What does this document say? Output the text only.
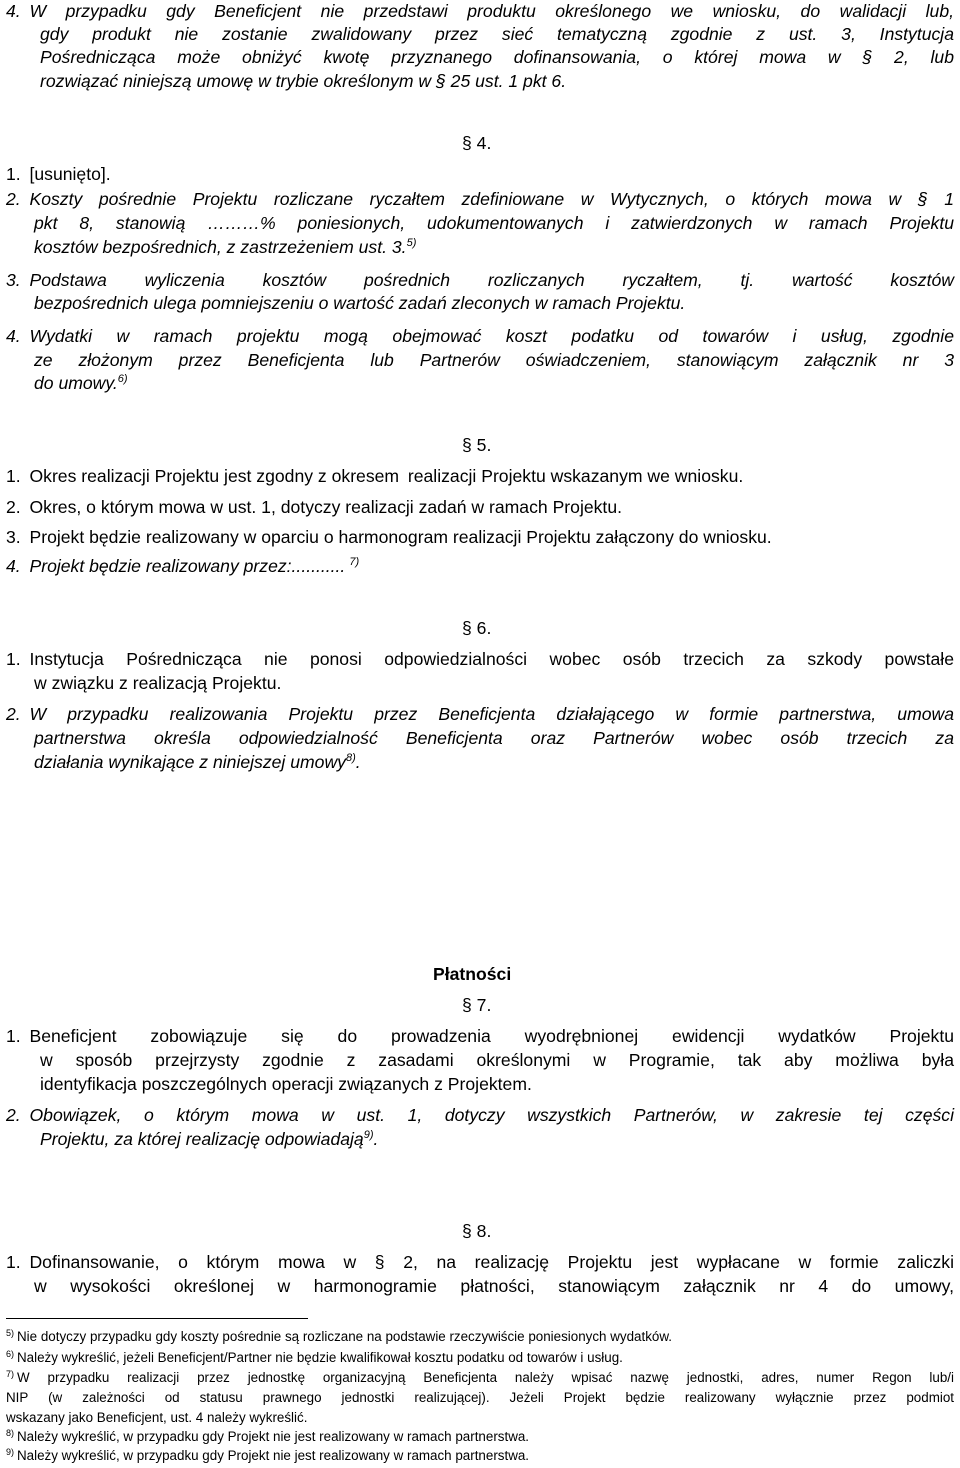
4. W przypadku gdy Beneficjent nie przedstawi produktu określonego we wniosku, do walidacji lub,
gdy produkt nie zostanie zwalidowany przez sieć tematyczną zgodnie z ust. 3, Instytucja
Pośrednicząca może obniżyć kwotę przyznanego dofinansowania, o której mowa w § 2, lub
rozwiązać niniejszą umowę w trybie określonym w § 25 ust. 1 pkt 6.
§ 4.
1. [usunięto].
2. Koszty pośrednie Projektu rozliczane ryczałtem zdefiniowane w Wytycznych, o których mowa w § 1
pkt 8, stanowią ………% poniesionych, udokumentowanych i zatwierdzonych w ramach Projektu
kosztów bezpośrednich, z zastrzeżeniem ust. 3.$^{5)}$
3. Podstawa wyliczenia kosztów pośrednich rozliczanych ryczałtem, tj. wartość kosztów
bezpośrednich ulega pomniejszeniu o wartość zadań zleconych w ramach Projektu.
4. Wydatki w ramach projektu mogą obejmować koszt podatku od towarów i usług, zgodnie
ze złożonym przez Beneficjenta lub Partnerów oświadczeniem, stanowiącym załącznik nr 3
do umowy.$^{6)}$
§ 5.
1. Okres realizacji Projektu jest zgodny z okresem realizacji Projektu wskazanym we wniosku.
2. Okres, o którym mowa w ust. 1, dotyczy realizacji zadań w ramach Projektu.
3. Projekt będzie realizowany w oparciu o harmonogram realizacji Projektu załączony do wniosku.
4. Projekt będzie realizowany przez:........... $^{7)}$
§ 6.
1. Instytucja Pośrednicząca nie ponosi odpowiedzialności wobec osób trzecich za szkody powstałe
w związku z realizacją Projektu.
2. W przypadku realizowania Projektu przez Beneficjenta działającego w formie partnerstwa, umowa
partnerstwa określa odpowiedzialność Beneficjenta oraz Partnerów wobec osób trzecich za
działania wynikające z niniejszej umowy$^{8)}$.
Płatności
§ 7.
1. Beneficjent zobowiązuje się do prowadzenia wyodrębnionej ewidencji wydatków Projektu
w sposób przejrzysty zgodnie z zasadami określonymi w Programie, tak aby możliwa była
identyfikacja poszczególnych operacji związanych z Projektem.
2. Obowiązek, o którym mowa w ust. 1, dotyczy wszystkich Partnerów, w zakresie tej części
Projektu, za której realizację odpowiadają$^{9)}$.
§ 8.
1. Dofinansowanie, o którym mowa w § 2, na realizację Projektu jest wypłacane w formie zaliczki
w wysokości określonej w harmonogramie płatności, stanowiącym załącznik nr 4 do umowy,
$^{5)}$ Nie dotyczy przypadku gdy koszty pośrednie są rozliczane na podstawie rzeczywiście poniesionych wydatków.
$^{6)}$ Należy wykreślić, jeżeli Beneficjent/Partner nie będzie kwalifikował kosztu podatku od towarów i usług.
$^{7)}$ W przypadku realizacji przez jednostkę organizacyjną Beneficjenta należy wpisać nazwę jednostki, adres, numer Regon lub/i
NIP (w zależności od statusu prawnego jednostki realizującej). Jeżeli Projekt będzie realizowany wyłącznie przez podmiot
wskazany jako Beneficjent, ust. 4 należy wykreślić.
$^{8)}$ Należy wykreślić, w przypadku gdy Projekt nie jest realizowany w ramach partnerstwa.
$^{9)}$ Należy wykreślić, w przypadku gdy Projekt nie jest realizowany w ramach partnerstwa.
